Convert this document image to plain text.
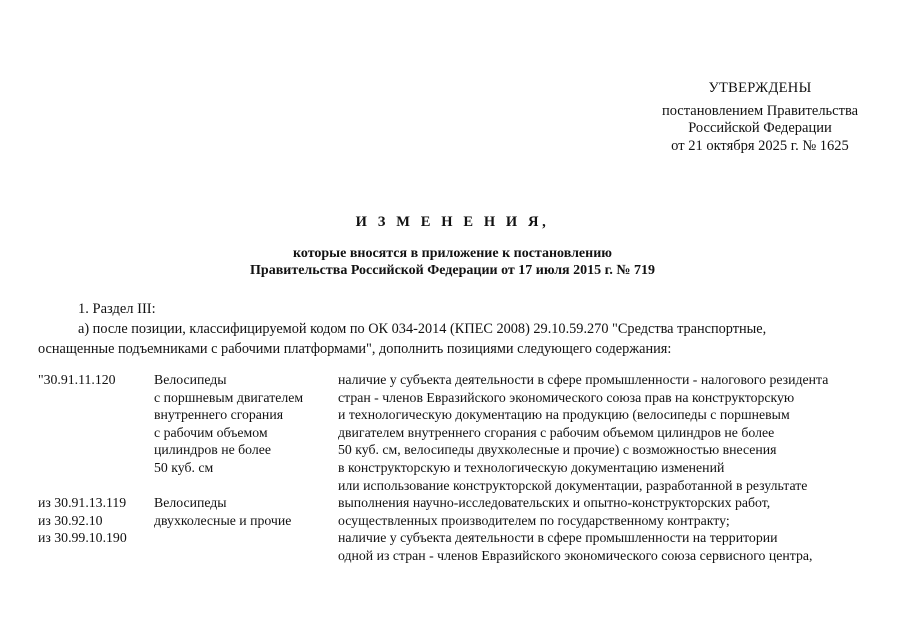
УТВЕРЖДЕНЫ
постановлением Правительства
Российской Федерации
от 21 октября 2025 г. № 1625
И З М Е Н Е Н И Я,
которые вносятся в приложение к постановлению
Правительства Российской Федерации от 17 июля 2015 г. № 719
1. Раздел III:
а) после позиции, классифицируемой кодом по ОК 034-2014 (КПЕС 2008) 29.10.59.270 "Средства транспортные,
оснащенные подъемниками с рабочими платформами", дополнить позициями следующего содержания:
"30.91.11.120
из 30.91.13.119
из 30.92.10
из 30.99.10.190
Велосипеды
с поршневым двигателем
внутреннего сгорания
с рабочим объемом
цилиндров не более
50 куб. см
Велосипеды
двухколесные и прочие
наличие у субъекта деятельности в сфере промышленности - налогового резидента
стран - членов Евразийского экономического союза прав на конструкторскую
и технологическую документацию на продукцию (велосипеды с поршневым
двигателем внутреннего сгорания с рабочим объемом цилиндров не более
50 куб. см, велосипеды двухколесные и прочие) с возможностью внесения
в конструкторскую и технологическую документацию изменений
или использование конструкторской документации, разработанной в результате
выполнения научно-исследовательских и опытно-конструкторских работ,
осуществленных производителем по государственному контракту;
наличие у субъекта деятельности в сфере промышленности на территории
одной из стран - членов Евразийского экономического союза сервисного центра,
